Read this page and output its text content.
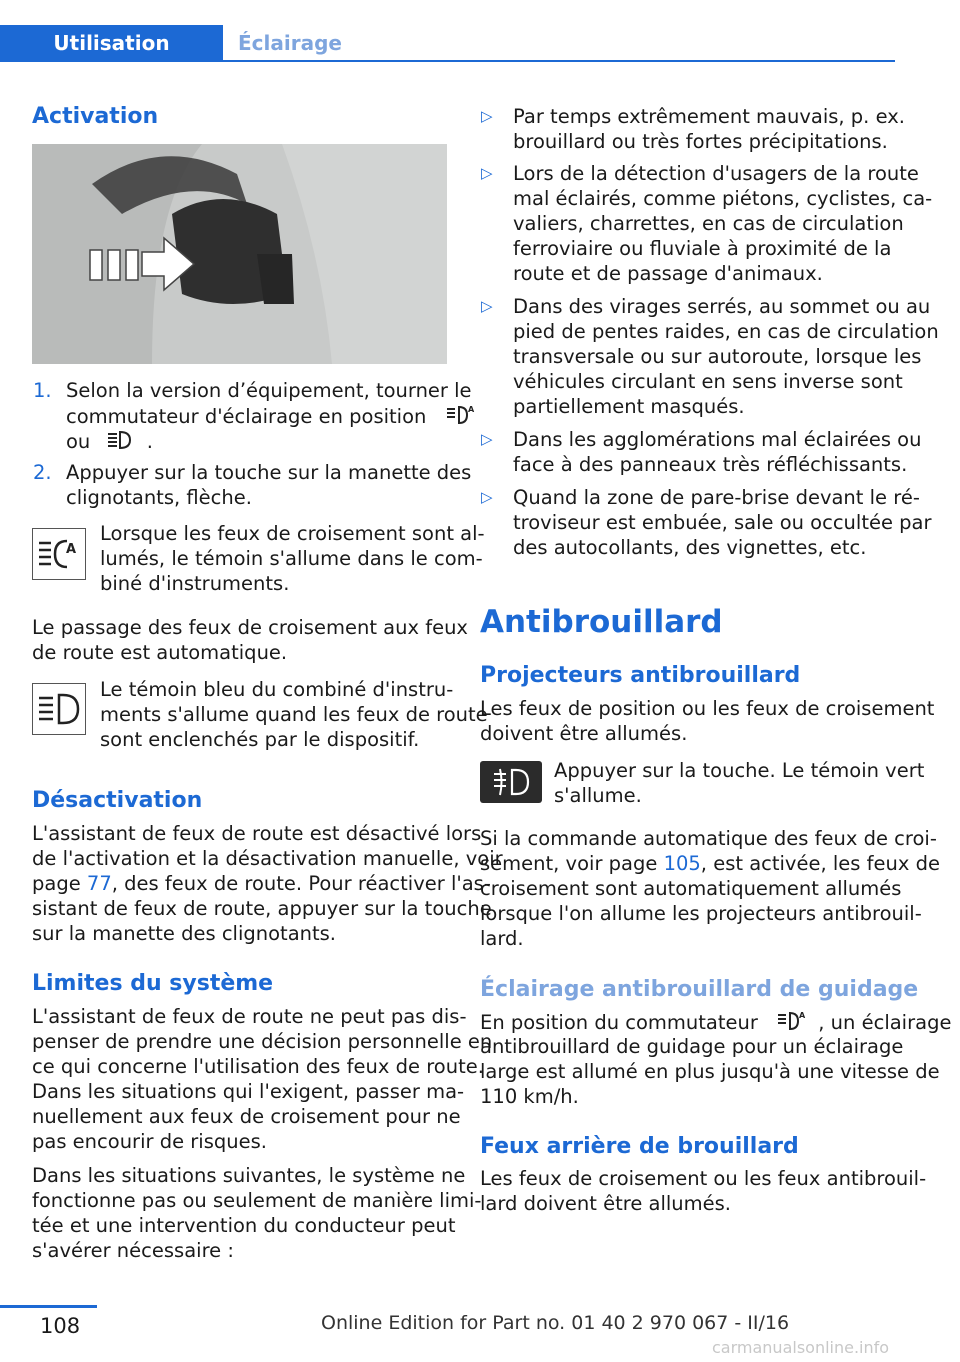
Utilisation	Éclairage
Activation
1. Selon la version d’équipement, tourner le
commutateur d'éclairage en position	A
ou	.
2. Appuyer sur la touche sur la manette des
clignotants, flèche.
A
Lorsque les feux de croisement sont al‐
lumés, le témoin s'allume dans le com‐
biné d'instruments.
Le passage des feux de croisement aux feux
de route est automatique.
Le témoin bleu du combiné d'instru‐
ments s'allume quand les feux de route
sont enclenchés par le dispositif.
Désactivation
L'assistant de feux de route est désactivé lors
de l'activation et la désactivation manuelle, voir
page 77, des feux de route. Pour réactiver l'as‐
sistant de feux de route, appuyer sur la touche
sur la manette des clignotants.
Limites du système
L'assistant de feux de route ne peut pas dis‐
penser de prendre une décision personnelle en
ce qui concerne l'utilisation des feux de route.
Dans les situations qui l'exigent, passer ma‐
nuellement aux feux de croisement pour ne
pas encourir de risques.
Dans les situations suivantes, le système ne
fonctionne pas ou seulement de manière limi‐
tée et une intervention du conducteur peut
s'avérer nécessaire :
▷ Par temps extrêmement mauvais, p. ex.
brouillard ou très fortes précipitations.
▷ Lors de la détection d'usagers de la route
mal éclairés, comme piétons, cyclistes, ca‐
valiers, charrettes, en cas de circulation
ferroviaire ou fluviale à proximité de la
route et de passage d'animaux.
▷ Dans des virages serrés, au sommet ou au
pied de pentes raides, en cas de circulation
transversale ou sur autoroute, lorsque les
véhicules circulant en sens inverse sont
partiellement masqués.
▷ Dans les agglomérations mal éclairées ou
face à des panneaux très réfléchissants.
▷ Quand la zone de pare-brise devant le ré‐
troviseur est embuée, sale ou occultée par
des autocollants, des vignettes, etc.
Antibrouillard
Projecteurs antibrouillard
Les feux de position ou les feux de croisement
doivent être allumés.
Appuyer sur la touche. Le témoin vert
s'allume.
Si la commande automatique des feux de croi‐
sement, voir page 105, est activée, les feux de
croisement sont automatiquement allumés
lorsque l'on allume les projecteurs antibrouil‐
lard.
Éclairage antibrouillard de guidage
En position du commutateur	A , un éclairage
antibrouillard de guidage pour un éclairage
large est allumé en plus jusqu'à une vitesse de
110 km/h.
Feux arrière de brouillard
Les feux de croisement ou les feux antibrouil‐
lard doivent être allumés.
108	Online Edition for Part no. 01 40 2 970 067 - II/16
carmanualsonline.info
